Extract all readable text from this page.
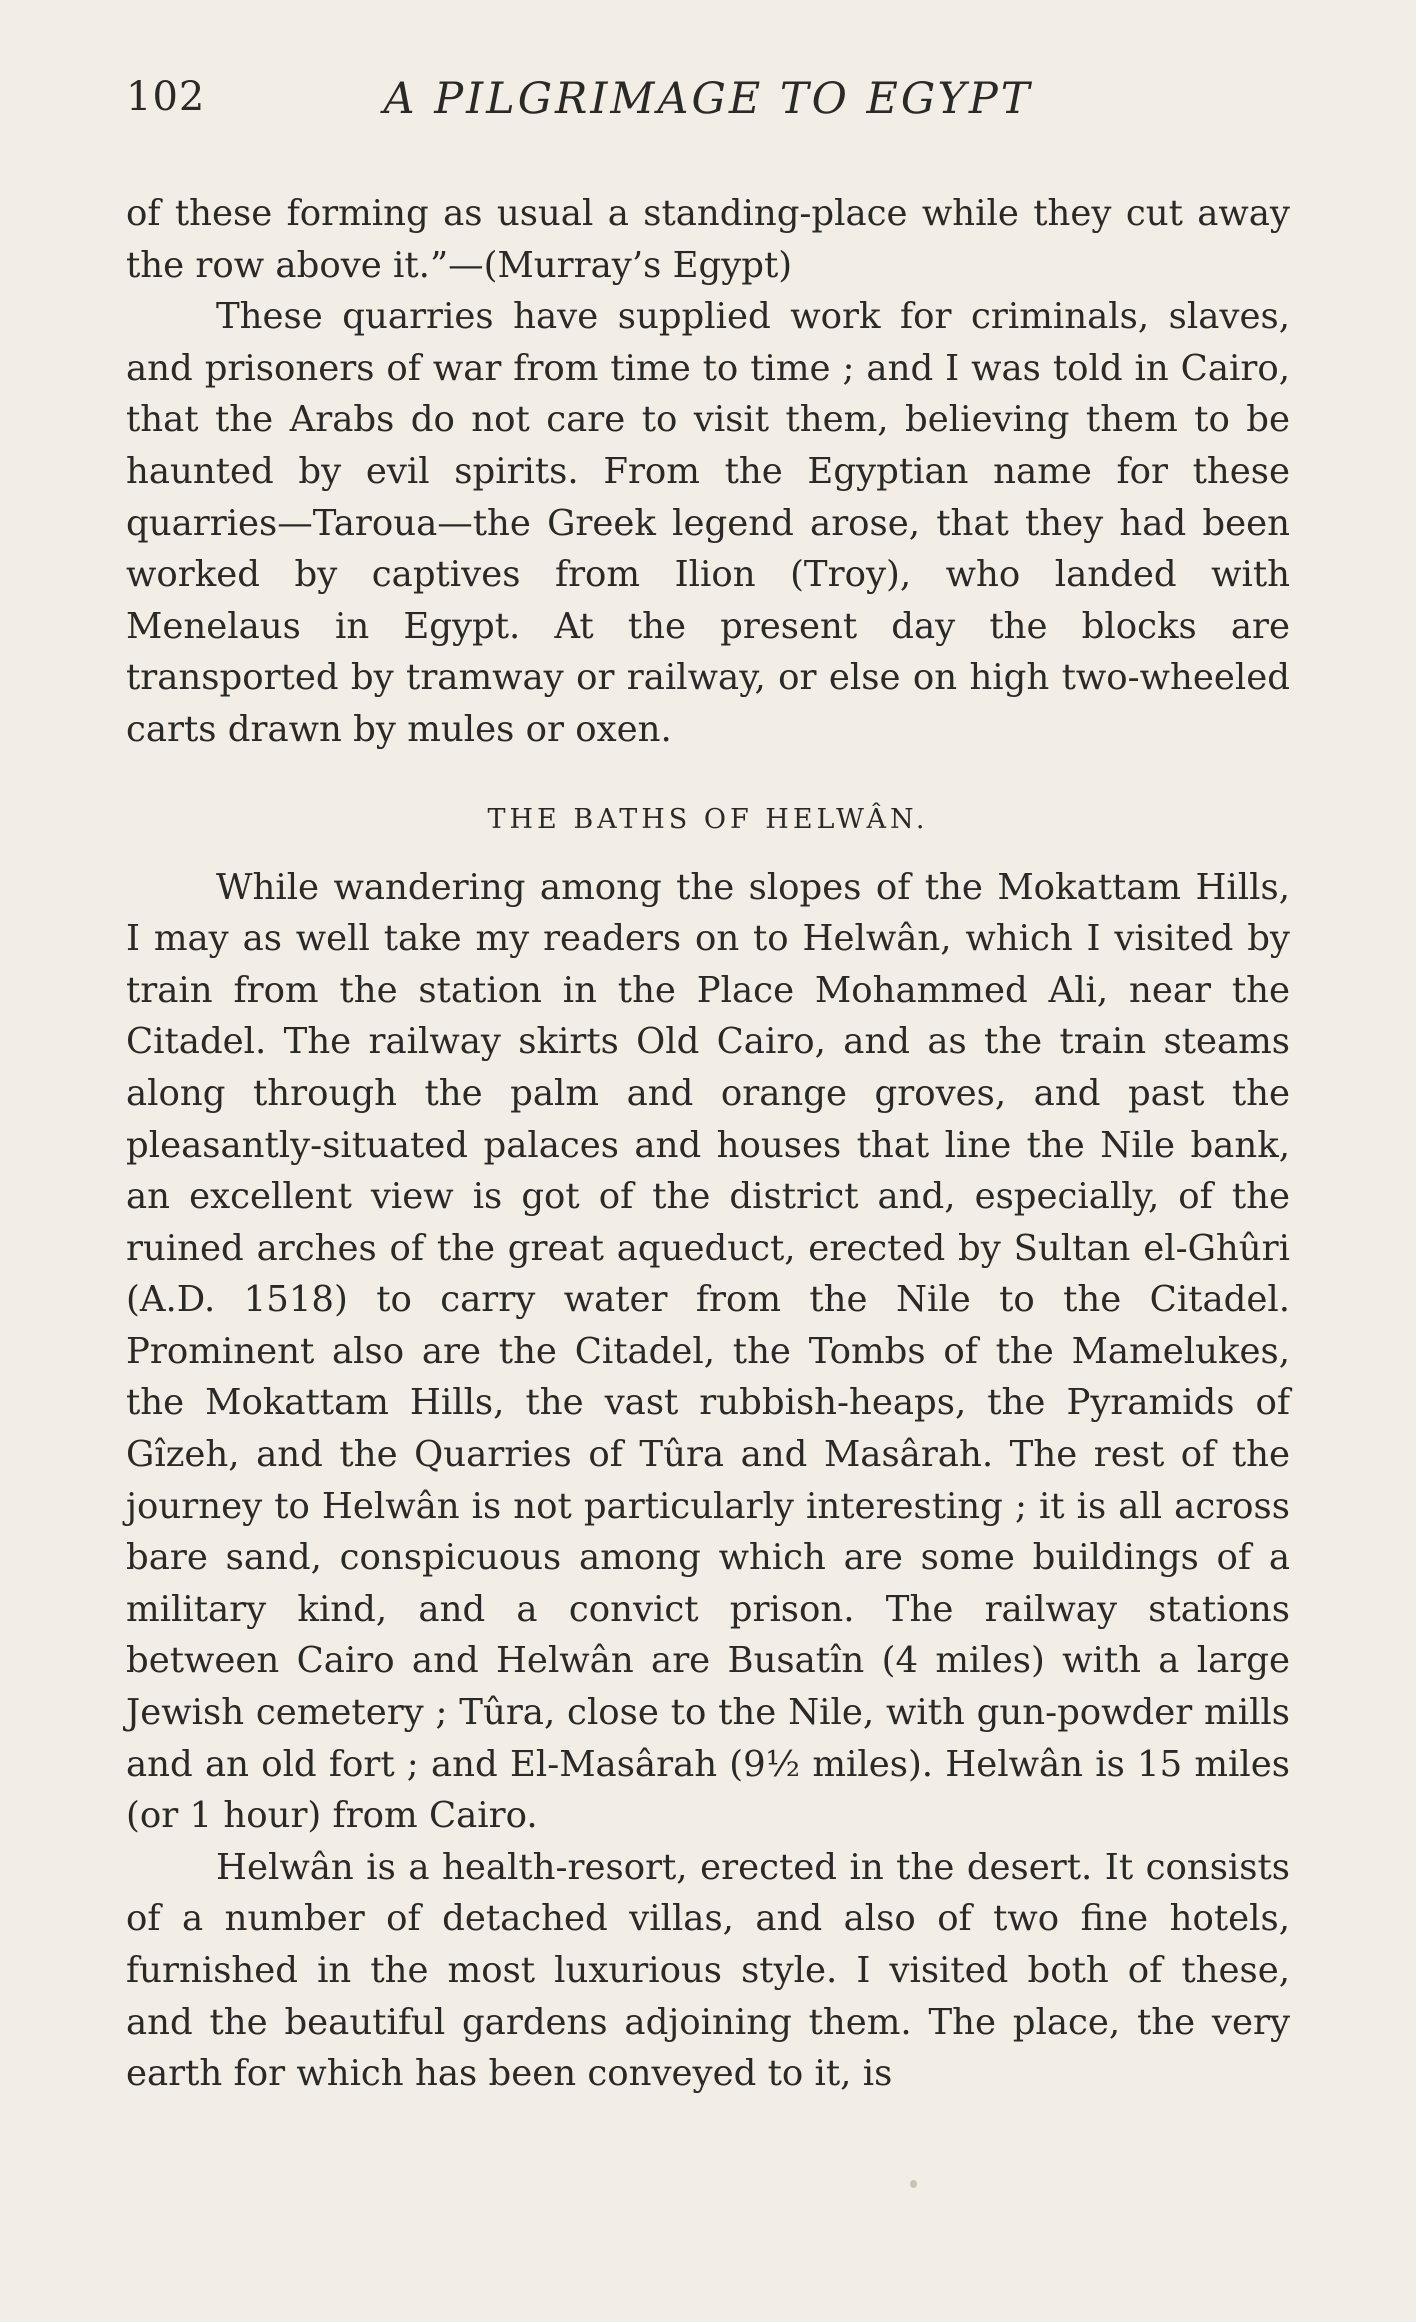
102	A PILGRIMAGE TO EGYPT

of these forming as usual a standing-place while they cut away the row above it.”—(Murray’s Egypt)

These quarries have supplied work for criminals, slaves, and prisoners of war from time to time ; and I was told in Cairo, that the Arabs do not care to visit them, believing them to be haunted by evil spirits. From the Egyptian name for these quarries—Taroua—the Greek legend arose, that they had been worked by captives from Ilion (Troy), who landed with Menelaus in Egypt. At the present day the blocks are transported by tramway or railway, or else on high two-wheeled carts drawn by mules or oxen.

THE BATHS OF HELWÂN.

While wandering among the slopes of the Mokattam Hills, I may as well take my readers on to Helwân, which I visited by train from the station in the Place Mohammed Ali, near the Citadel. The railway skirts Old Cairo, and as the train steams along through the palm and orange groves, and past the pleasantly-situated palaces and houses that line the Nile bank, an excellent view is got of the district and, especially, of the ruined arches of the great aqueduct, erected by Sultan el-Ghûri (A.D. 1518) to carry water from the Nile to the Citadel. Prominent also are the Citadel, the Tombs of the Mamelukes, the Mokattam Hills, the vast rubbish-heaps, the Pyramids of Gîzeh, and the Quarries of Tûra and Masârah. The rest of the journey to Helwân is not particularly interesting ; it is all across bare sand, conspicuous among which are some buildings of a military kind, and a convict prison. The railway stations between Cairo and Helwân are Busatîn (4 miles) with a large Jewish cemetery ; Tûra, close to the Nile, with gun-powder mills and an old fort ; and El-Masârah (9½ miles). Helwân is 15 miles (or 1 hour) from Cairo.

Helwân is a health-resort, erected in the desert. It consists of a number of detached villas, and also of two fine hotels, furnished in the most luxurious style. I visited both of these, and the beautiful gardens adjoining them. The place, the very earth for which has been conveyed to it, is
